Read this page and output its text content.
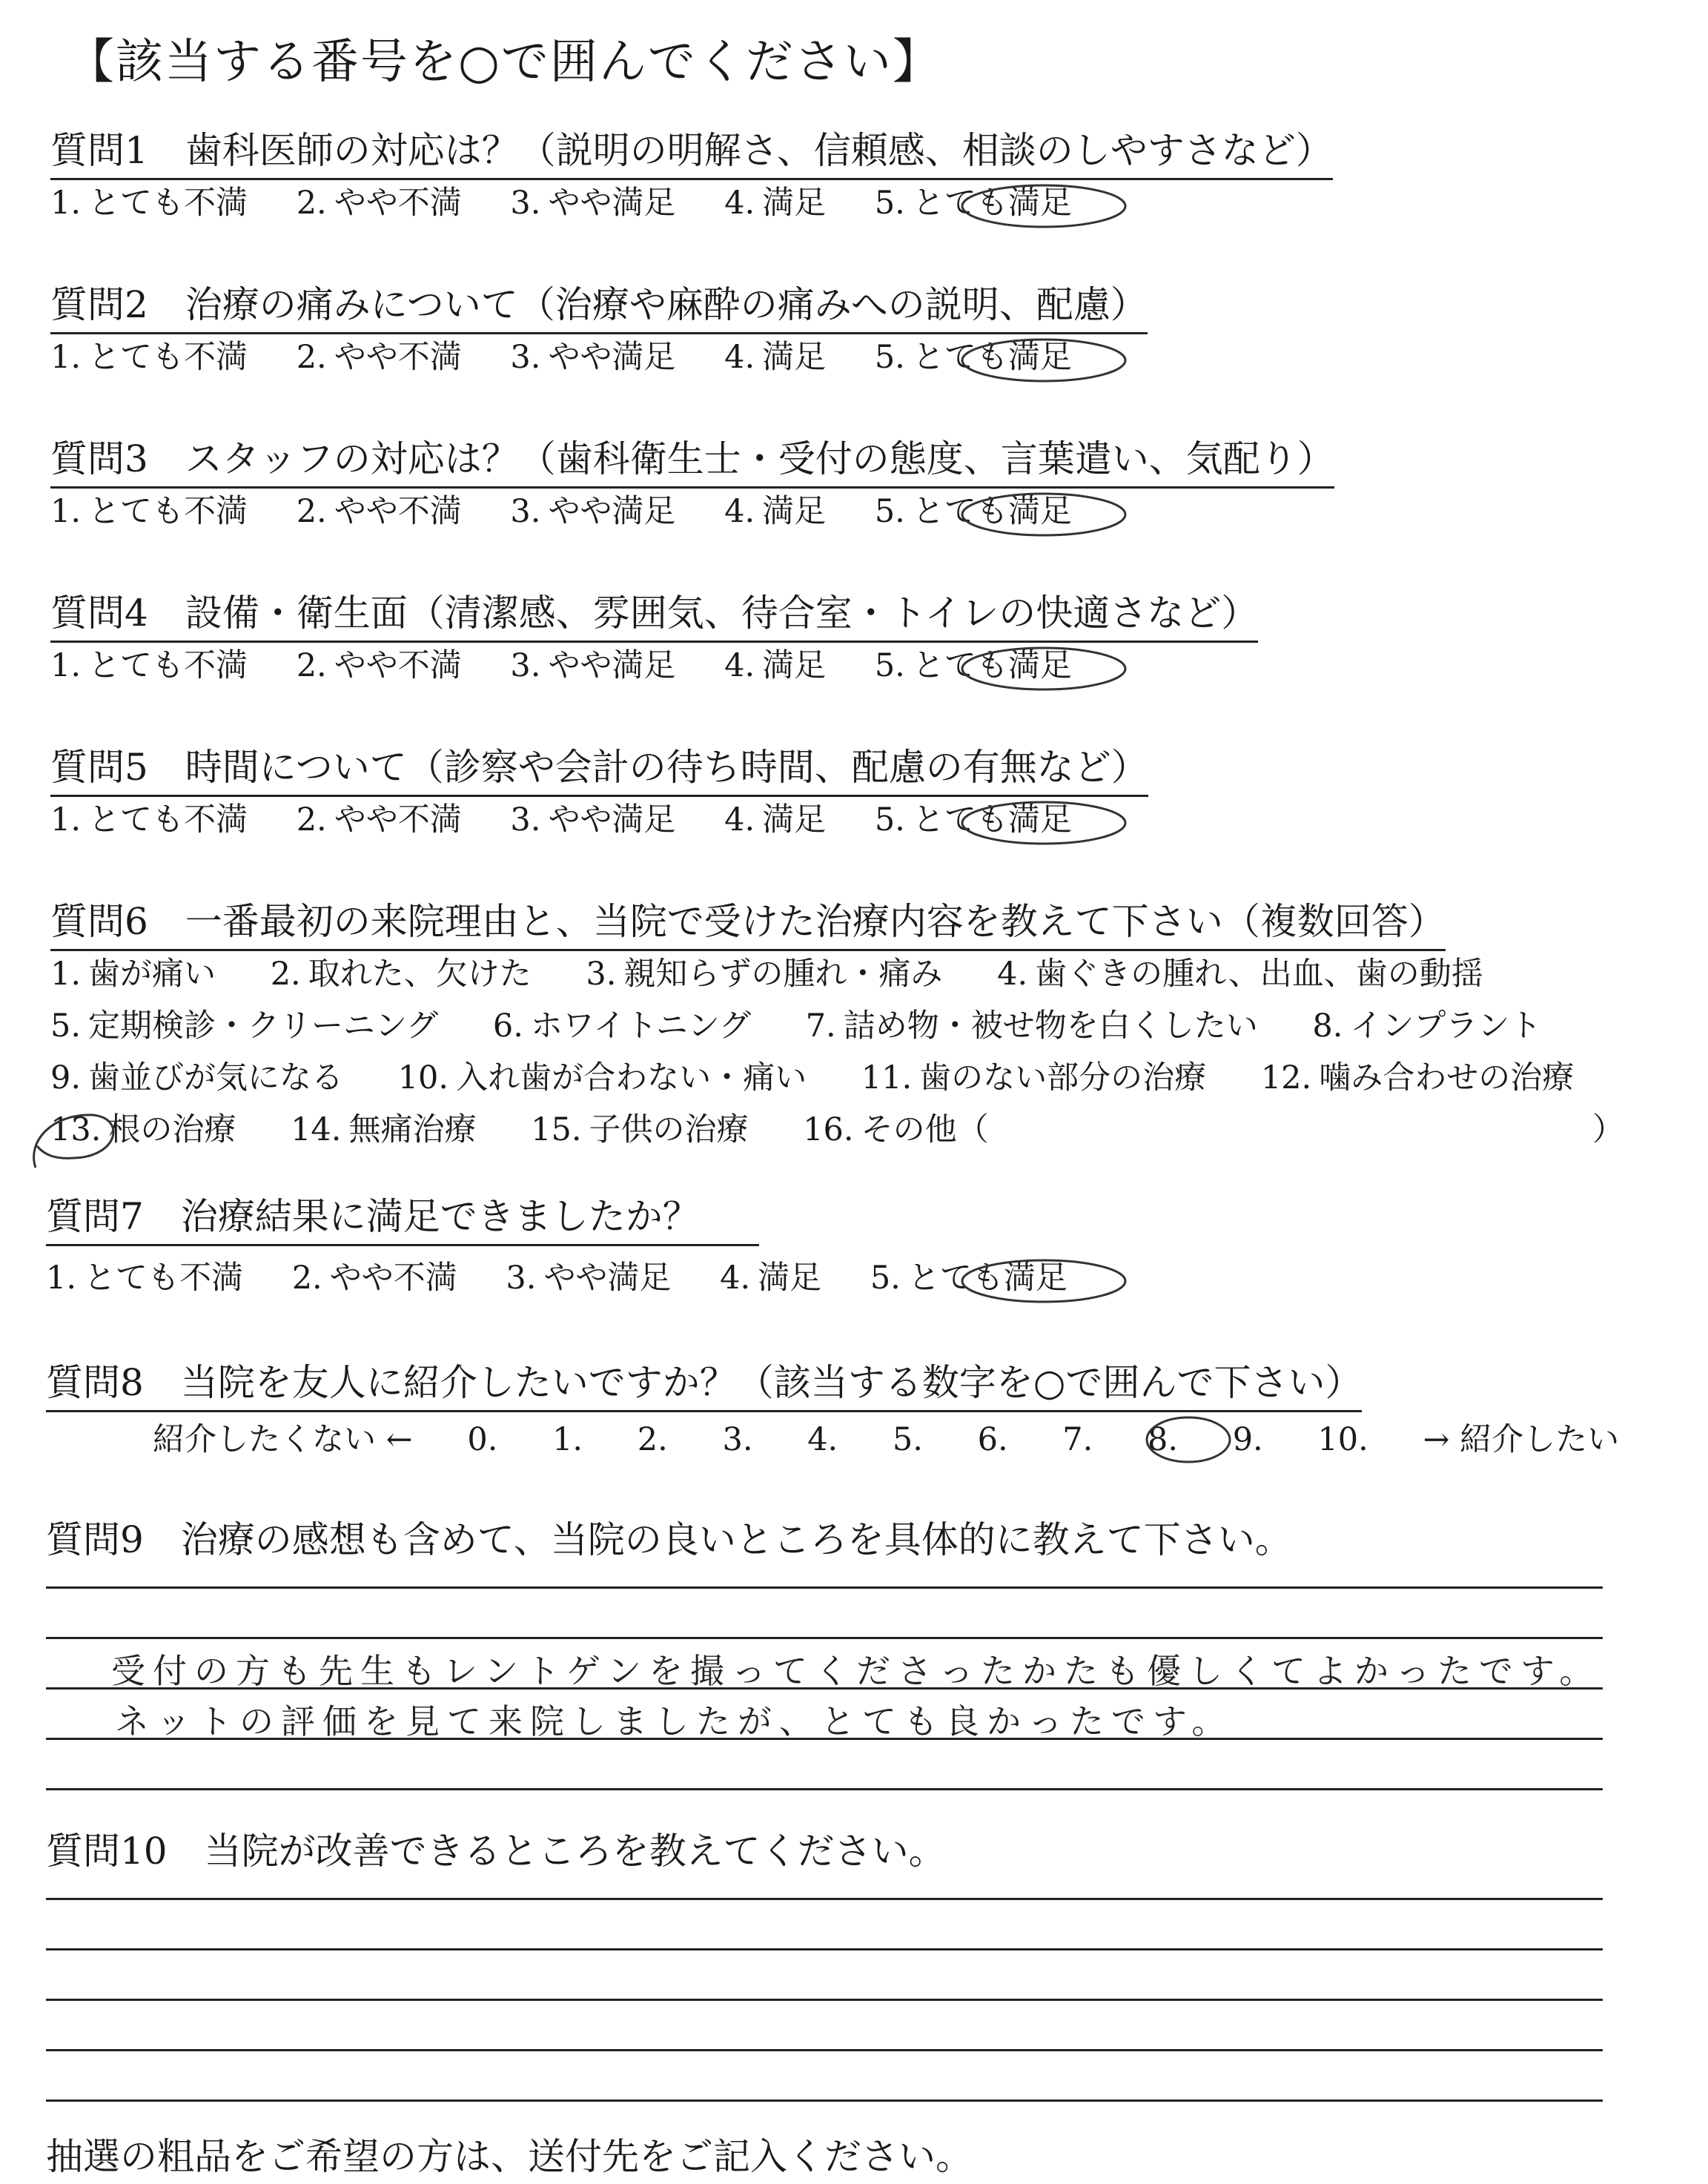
【該当する番号を○で囲んでください】
質問1　歯科医師の対応は？（説明の明解さ、信頼感、相談のしやすさなど）
1. とても不満 2. やや不満 3. やや満足 4. 満足 5. とても満足
質問2　治療の痛みについて（治療や麻酔の痛みへの説明、配慮）
1. とても不満 2. やや不満 3. やや満足 4. 満足 5. とても満足
質問3　スタッフの対応は？（歯科衛生士・受付の態度、言葉遣い、気配り）
1. とても不満 2. やや不満 3. やや満足 4. 満足 5. とても満足
質問4　設備・衛生面（清潔感、雰囲気、待合室・トイレの快適さなど）
1. とても不満 2. やや不満 3. やや満足 4. 満足 5. とても満足
質問5　時間について（診察や会計の待ち時間、配慮の有無など）
1. とても不満 2. やや不満 3. やや満足 4. 満足 5. とても満足
質問6　一番最初の来院理由と、当院で受けた治療内容を教えて下さい（複数回答）
1. 歯が痛い 2. 取れた、欠けた 3. 親知らずの腫れ・痛み 4. 歯ぐきの腫れ、出血、歯の動揺
5. 定期検診・クリーニング 6. ホワイトニング 7. 詰め物・被せ物を白くしたい 8. インプラント
9. 歯並びが気になる 10. 入れ歯が合わない・痛い 11. 歯のない部分の治療 12. 噛み合わせの治療
13. 根の治療 14. 無痛治療 15. 子供の治療 16. その他（	）
質問7　治療結果に満足できましたか？
1. とても不満 2. やや不満 3. やや満足 4. 満足 5. とても満足
質問8　当院を友人に紹介したいですか？（該当する数字を○で囲んで下さい）
紹介したくない ← 0. 1. 2. 3. 4. 5. 6. 7. 8. 9. 10. → 紹介したい
質問9　治療の感想も含めて、当院の良いところを具体的に教えて下さい。
受付の方も先生もレントゲンを撮ってくださったかたも優しくてよかったです。
ネットの評価を見て来院しましたが、とても良かったです。
質問10　当院が改善できるところを教えてください。
抽選の粗品をご希望の方は、送付先をご記入ください。
